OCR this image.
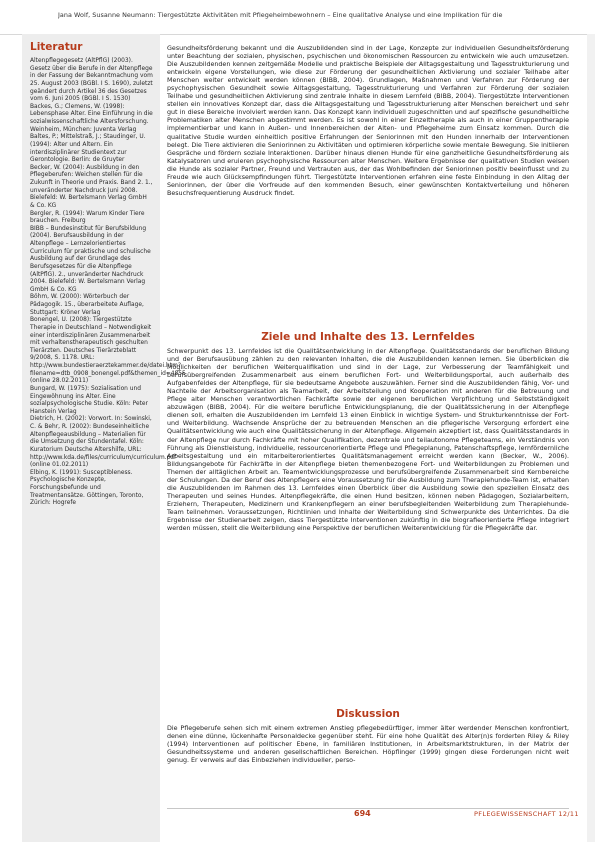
Jana Wolf, Susanne Neumann: Tiergestützte Aktivitäten mit Pflegeheimbewohnern – Eine qualitative Analyse und eine Implikation für die
Literatur

Altenpflegegesetz (AltPflG) (2003). Gesetz über die Berufe in der Altenpflege in der Fassung der Bekanntmachung vom 25. August 2003 (BGBl. I S. 1690), zuletzt geändert durch Artikel 36 des Gesetzes vom 6. Juni 2005 (BGBl. I S. 1530)

Backes, G.; Clemens, W. (1998): Lebensphase Alter. Eine Einführung in die sozialwissenschaftliche Altersforschung. Weinheim, München: Juventa Verlag

Baltes, P.; Mittelstraß, J.; Staudinger, U. (1994): Alter und Altern. Ein interdisziplinärer Studientext zur Gerontologie. Berlin: de Gruyter

Becker, W. (2004): Ausbildung in den Pflegeberufen: Weichen stellen für die Zukunft in Theorie und Praxis. Band 2. 1., unveränderter Nachdruck Juni 2008. Bielefeld: W. Bertelsmann Verlag GmbH & Co. KG

Bergler, R. (1994): Warum Kinder Tiere brauchen. Freiburg

BIBB – Bundesinstitut für Berufsbildung (2004). Berufsausbildung in der Altenpflege – Lernzelorientiertes Curriculum für praktische und schulische Ausbildung auf der Grundlage des Berufsgesetzes für die Altenpflege (AltPflG). 2., unveränderter Nachdruck 2004. Bielefeld: W. Bertelsmann Verlag GmbH & Co. KG

Böhm, W. (2000): Wörterbuch der Pädagogik. 15., überarbeitete Auflage, Stuttgart: Kröner Verlag

Bonengel, U. (2008): Tiergestützte Therapie in Deutschland – Notwendigkeit einer interdisziplinären Zusammenarbeit mit verhaltenstherapeutisch geschulten Tierärzten. Deutsches Tierärzteblatt 9/2008, S. 1178. URL: http://www.bundestieraerztekammer.de/datei.htm?filename=dtb_0908_bonengel.pdf&themen_id=4855 (online 28.02.2011)

Bungard, W. (1975): Sozialisation und Eingewöhnung ins Alter. Eine sozialpsychologische Studie. Köln: Peter Hanstein Verlag

Dietrich, H. (2002): Vorwort. In: Sowinski, C. & Behr, R. (2002): Bundeseinheitliche Altenpflegeausbildung – Materialien für die Umsetzung der Stundentafel. Köln: Kuratorium Deutsche Altershilfe, URL: http://www.kda.de/files/curriculum/curriculum.pdf (online 01.02.2011)

Elbing, K. (1991): Susceptibleness. Psychologische Konzepte, Forschungsbefunde und Treatmentansätze. Göttingen, Toronto, Zürich: Hogrefe

Gesundheitsförderung bekannt und die Auszubildenden sind in der Lage, Konzepte zur individuellen Gesundheitsförderung unter Beachtung der sozialen, physischen, psychischen und ökonomischen Ressourcen zu entwickeln wie auch umzusetzen. Die Auszubildenden kennen zeitgemäße Modelle und praktische Beispiele der Alltagsgestaltung und Tagesstrukturierung und entwickeln eigene Vorstellungen, wie diese zur Förderung der gesundheitlichen Aktivierung und sozialer Teilhabe alter Menschen weiter entwickelt werden können (BIBB, 2004). Grundlagen, Maßnahmen und Verfahren zur Förderung der psychophysischen Gesundheit sowie Alltagsgestaltung, Tagesstrukturierung und Verfahren zur Förderung der sozialen Teilhabe und gesundheitlichen Aktivierung sind zentrale Inhalte in diesem Lernfeld (BIBB, 2004). Tiergestützte Interventionen stellen ein innovatives Konzept dar, dass die Alltagsgestaltung und Tagesstrukturierung alter Menschen bereichert und sehr gut in diese Bereiche involviert werden kann. Das Konzept kann individuell zugeschnitten und auf spezifische gesundheitliche Problematiken alter Menschen abgestimmt werden. Es ist sowohl in einer Einzeltherapie als auch in einer Gruppentherapie implementierbar und kann in Außen- und Innenbereichen der Alten- und Pflegeheime zum Einsatz kommen. Durch die qualitative Studie wurden einheitlich positive Erfahrungen der Seniorinnen mit den Hunden innerhalb der Interventionen belegt. Die Tiere aktivieren die Seniorinnen zu Aktivitäten und optimieren körperliche sowie mentale Bewegung. Sie initiieren Gespräche und fördern soziale Interaktionen. Darüber hinaus dienen Hunde für eine ganzheitliche Gesundheitsförderung als Katalysatoren und eruieren psychophysische Ressourcen alter Menschen. Weitere Ergebnisse der qualitativen Studien weisen die Hunde als sozialer Partner, Freund und Vertrauten aus, der das Wohlbefinden der Seniorinnen positiv beeinflusst und zu Freude wie auch Glücksempfindungen führt. Tiergestützte Interventionen erfahren eine feste Einbindung in den Alltag der Seniorinnen, der über die Vorfreude auf den kommenden Besuch, einer gewünschten Kontaktverteilung und höheren Besuchsfrequentierung Ausdruck findet.

Ziele und Inhalte des 13. Lernfeldes

Schwerpunkt des 13. Lernfeldes ist die Qualitätsentwicklung in der Altenpflege. Qualitätsstandards der beruflichen Bildung und der Berufsausübung zählen zu den relevanten Inhalten, die die Auszubildenden kennen lernen. Sie überblicken die Möglichkeiten der beruflichen Weiterqualifikation und sind in der Lage, zur Verbesserung der Teamfähigkeit und berufsübergreifenden Zusammenarbeit aus einem beruflichen Fort- und Weiterbildungsportal, auch außerhalb des Aufgabenfeldes der Altenpflege, für sie bedeutsame Angebote auszuwählen. Ferner sind die Auszubildenden fähig, Vor- und Nachteile der Arbeitsorganisation als Teamarbeit, der Arbeitsteilung und Kooperation mit anderen für die Betreuung und Pflege alter Menschen verantwortlichen Fachkräfte sowie der eigenen beruflichen Verpflichtung und Selbstständigkeit abzuwägen (BIBB, 2004). Für die weitere berufliche Entwicklungsplanung, die der Qualitätssicherung in der Altenpflege dienen soll, erhalten die Auszubildenden im Lernfeld 13 einen Einblick in wichtige System- und Strukturkenntnisse der Fort- und Weiterbildung. Wachsende Ansprüche der zu betreuenden Menschen an die pflegerische Versorgung erfordert eine Qualitätsentwicklung wie auch eine Qualitätssicherung in der Altenpflege. Allgemein akzeptiert ist, dass Qualitätsstandards in der Altenpflege nur durch Fachkräfte mit hoher Qualifikation, dezentrale und teilautonome Pflegeteams, ein Verständnis von Führung als Dienstleistung, individuelle, ressourcenorientierte Pflege und Pflegeplanung, Patenschaftspflege, lernfördernliche Arbeitsgestaltung und ein mitarbeiterorientiertes Qualitätsmanagement erreicht werden kann (Becker, W., 2006). Bildungsangebote für Fachkräfte in der Altenpflege bieten themenbezogene Fort- und Weiterbildungen zu Problemen und Themen der alltäglichen Arbeit an. Teamentwicklungsprozesse und berufsübergreifende Zusammenarbeit sind Kernbereiche der Schulungen. Da der Beruf des Altenpflegers eine Voraussetzung für die Ausbildung zum Therapiehunde-Team ist, erhalten die Auszubildenden im Rahmen des 13. Lernfeldes einen Überblick über die Ausbildung sowie den speziellen Einsatz des Therapeuten und seines Hundes. Altenpflegekräfte, die einen Hund besitzen, können neben Pädagogen, Sozialarbeitern, Erziehern, Therapeuten, Medizinern und Krankenpflegern an einer berufsbegleitenden Weiterbildung zum Therapiehunde-Team teilnehmen. Voraussetzungen, Richtlinien und Inhalte der Weiterbildung sind Schwerpunkte des Unterrichtes. Da die Ergebnisse der Studienarbeit zeigen, dass Tiergestützte Interventionen zukünftig in die biografieorientierte Pflege integriert werden müssen, stellt die Weiterbildung eine Perspektive der beruflichen Weiterentwicklung für die Pflegekräfte dar.

Diskussion

Die Pflegeberufe sehen sich mit einem extremen Anstieg pflegebedürftiger, immer älter werdender Menschen konfrontiert, denen eine dünne, lückenhafte Personaldecke gegenüber steht. Für eine hohe Qualität des Alter(n)s forderten Riley & Riley (1994) Interventionen auf politischer Ebene, in familiären Institutionen, in Arbeitsmarktstrukturen, in der Matrix der Gesundheitssysteme und anderen gesellschaftlichen Bereichen. Höpflinger (1999) gingen diese Forderungen nicht weit genug. Er verweis auf das Einbeziehen individueller, perso-

694	PFLEGEWISSENSCHAFT 12/11
